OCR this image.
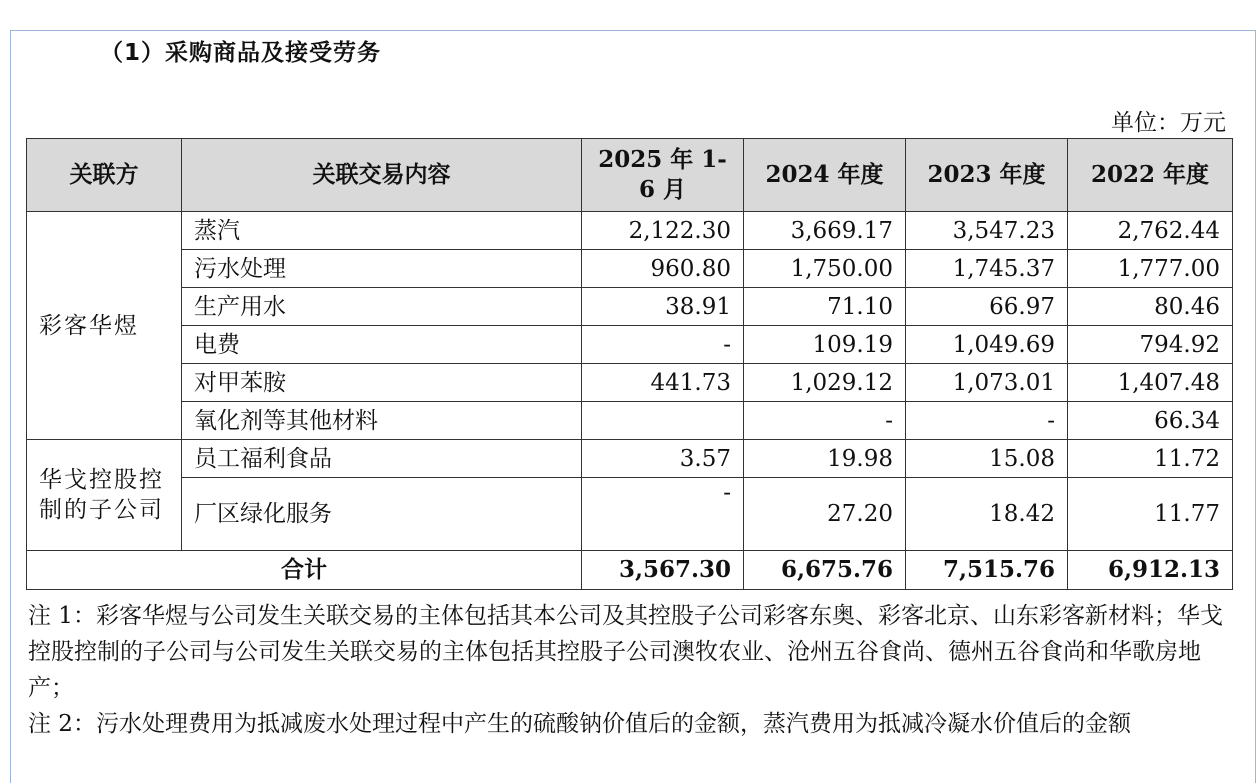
（1）采购商品及接受劳务
单位：万元
关联方	关联交易内容	2025 年 1-6 月	2024 年度	2023 年度	2022 年度
彩客华煜	蒸汽	2,122.30	3,669.17	3,547.23	2,762.44
	污水处理	960.80	1,750.00	1,745.37	1,777.00
	生产用水	38.91	71.10	66.97	80.46
	电费	-	109.19	1,049.69	794.92
	对甲苯胺	441.73	1,029.12	1,073.01	1,407.48
	氧化剂等其他材料		-	-	66.34
华戈控股控制的子公司	员工福利食品	3.57	19.98	15.08	11.72
	厂区绿化服务	-	27.20	18.42	11.77
合计		3,567.30	6,675.76	7,515.76	6,912.13

注 1：彩客华煜与公司发生关联交易的主体包括其本公司及其控股子公司彩客东奥、彩客北京、山东彩客新材料；华戈控股控制的子公司与公司发生关联交易的主体包括其控股子公司澳牧农业、沧州五谷食尚、德州五谷食尚和华歌房地产；

注 2：污水处理费用为抵减废水处理过程中产生的硫酸钠价值后的金额，蒸汽费用为抵减冷凝水价值后的金额
